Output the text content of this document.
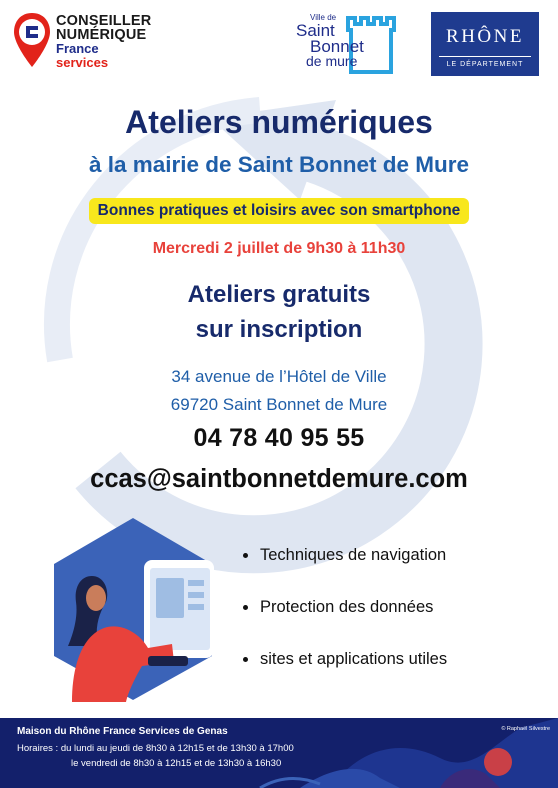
CONSEILLER
NUMÉRIQUE
France
services
Ville de
Saint
Bonnet
de mure
RHÔNE
LE DÉPARTEMENT
Ateliers numériques
à la mairie de Saint Bonnet de Mure
Bonnes pratiques et loisirs avec son smartphone
Mercredi 2 juillet de 9h30 à 11h30
Ateliers gratuits
sur inscription
34 avenue de l’Hôtel de Ville
69720 Saint Bonnet de Mure
04 78 40 95 55
ccas@saintbonnetdemure.com
Techniques de navigation
Protection des données
sites et applications utiles
Maison du Rhône France Services de Genas
Horaires : du lundi au jeudi de 8h30 à 12h15 et de 13h30 à 17h00
le vendredi de 8h30 à 12h15 et de 13h30 à 16h30
© Raphaël Silvestre
